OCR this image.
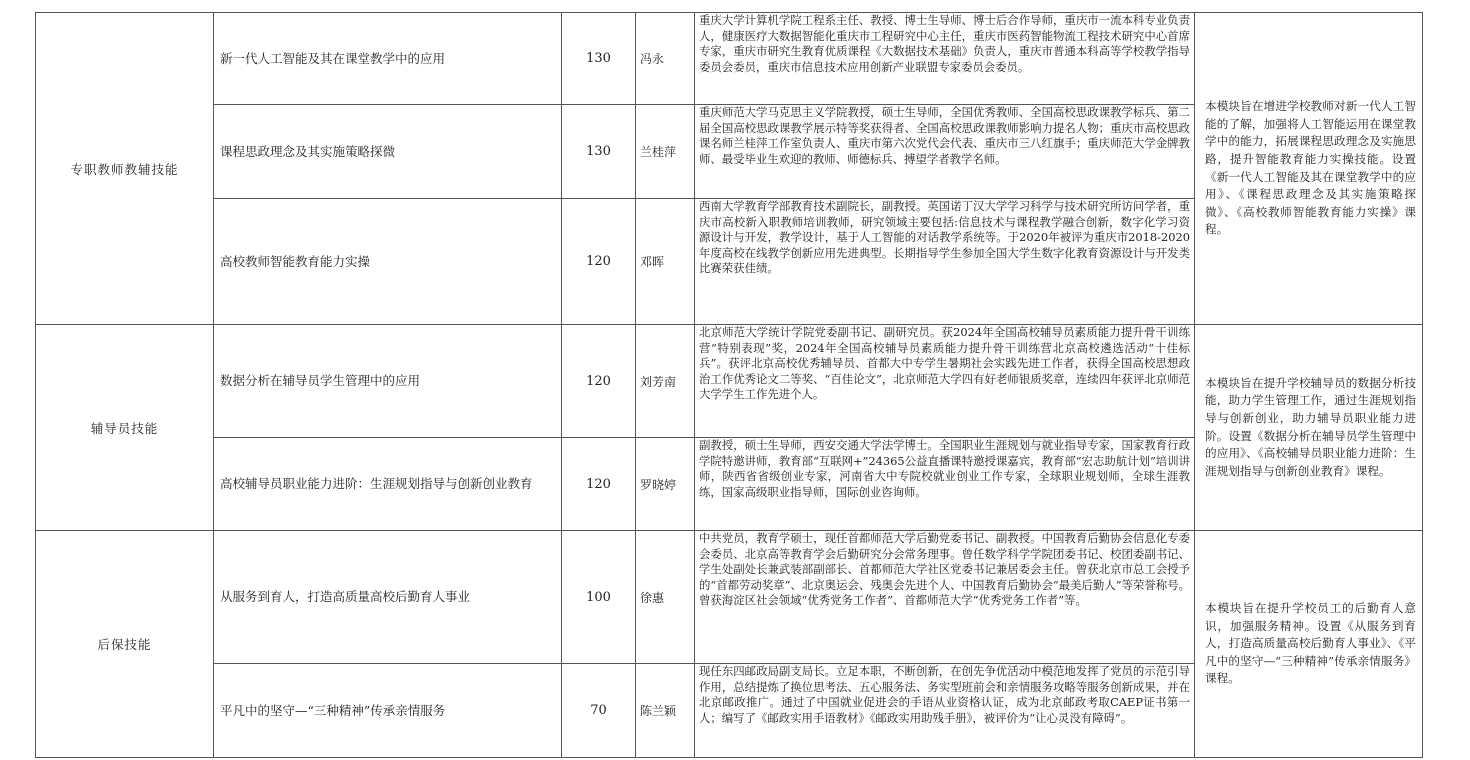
专职教师教辅技能	新一代人工智能及其在课堂教学中的应用	130	冯永	重庆大学计算机学院工程系主任、教授、博士生导师、博士后合作导师，重庆市一流本科专业负责人，健康医疗大数据智能化重庆市工程研究中心主任，重庆市医药智能物流工程技术研究中心首席专家，重庆市研究生教育优质课程《大数据技术基础》负责人，重庆市普通本科高等学校教学指导委员会委员，重庆市信息技术应用创新产业联盟专家委员会委员。	本模块旨在增进学校教师对新一代人工智能的了解，加强将人工智能运用在课堂教学中的能力，拓展课程思政理念及实施思路，提升智能教育能力实操技能。设置《新一代人工智能及其在课堂教学中的应用》、《课程思政理念及其实施策略探微》、《高校教师智能教育能力实操》课程。
	课程思政理念及其实施策略探微	130	兰桂萍	重庆师范大学马克思主义学院教授，硕士生导师，全国优秀教师、全国高校思政课教学标兵、第二届全国高校思政课教学展示特等奖获得者、全国高校思政课教师影响力提名人物；重庆市高校思政课名师兰桂萍工作室负责人、重庆市第六次党代会代表、重庆市三八红旗手；重庆师范大学金牌教师、最受毕业生欢迎的教师、师德标兵、搏望学者教学名师。	
	高校教师智能教育能力实操	120	邓晖	西南大学教育学部教育技术副院长，副教授。英国诺丁汉大学学习科学与技术研究所访问学者，重庆市高校新入职教师培训教师，研究领域主要包括:信息技术与课程教学融合创新，数字化学习资源设计与开发，教学设计，基于人工智能的对话教学系统等。于2020年被评为重庆市2018-2020年度高校在线教学创新应用先进典型。长期指导学生参加全国大学生数字化教育资源设计与开发类比赛荣获佳绩。	
辅导员技能	数据分析在辅导员学生管理中的应用	120	刘芳南	北京师范大学统计学院党委副书记、副研究员。获2024年全国高校辅导员素质能力提升骨干训练营“特别表现”奖，2024年全国高校辅导员素质能力提升骨干训练营北京高校遴选活动“十佳标兵”。获评北京高校优秀辅导员、首都大中专学生暑期社会实践先进工作者，获得全国高校思想政治工作优秀论文二等奖、“百佳论文”，北京师范大学四有好老师银质奖章，连续四年获评北京师范大学学生工作先进个人。	本模块旨在提升学校辅导员的数据分析技能，助力学生管理工作，通过生涯规划指导与创新创业，助力辅导员职业能力进阶。设置《数据分析在辅导员学生管理中的应用》、《高校辅导员职业能力进阶：生涯规划指导与创新创业教育》课程。
	高校辅导员职业能力进阶：生涯规划指导与创新创业教育	120	罗晓婷	副教授，硕士生导师，西安交通大学法学博士。全国职业生涯规划与就业指导专家，国家教育行政学院特邀讲师，教育部“互联网+”24365公益直播课特邀授课嘉宾，教育部“宏志助航计划”培训讲师，陕西省省级创业专家，河南省大中专院校就业创业工作专家，全球职业规划师，全球生涯教练，国家高级职业指导师，国际创业咨询师。	
后保技能	从服务到育人，打造高质量高校后勤育人事业	100	徐惠	中共党员，教育学硕士，现任首都师范大学后勤党委书记、副教授。中国教育后勤协会信息化专委会委员、北京高等教育学会后勤研究分会常务理事。曾任数学科学学院团委书记、校团委副书记、学生处副处长兼武装部副部长、首都师范大学社区党委书记兼居委会主任。曾获北京市总工会授予的“首都劳动奖章”、北京奥运会、残奥会先进个人、中国教育后勤协会“最美后勤人”等荣誉称号。曾获海淀区社会领域“优秀党务工作者”、首都师范大学“优秀党务工作者”等。	本模块旨在提升学校员工的后勤育人意识，加强服务精神。设置《从服务到育人，打造高质量高校后勤育人事业》、《平凡中的坚守—“三种精神”传承亲情服务》课程。
	平凡中的坚守—“三种精神”传承亲情服务	70	陈兰颖	现任东四邮政局副支局长。立足本职，不断创新，在创先争优活动中模范地发挥了党员的示范引导作用，总结提炼了换位思考法、五心服务法、务实型班前会和亲情服务攻略等服务创新成果，并在北京邮政推广。通过了中国就业促进会的手语从业资格认证，成为北京邮政考取CAEP证书第一人；编写了《邮政实用手语教材》《邮政实用助残手册》，被评价为“让心灵没有障碍”。	
